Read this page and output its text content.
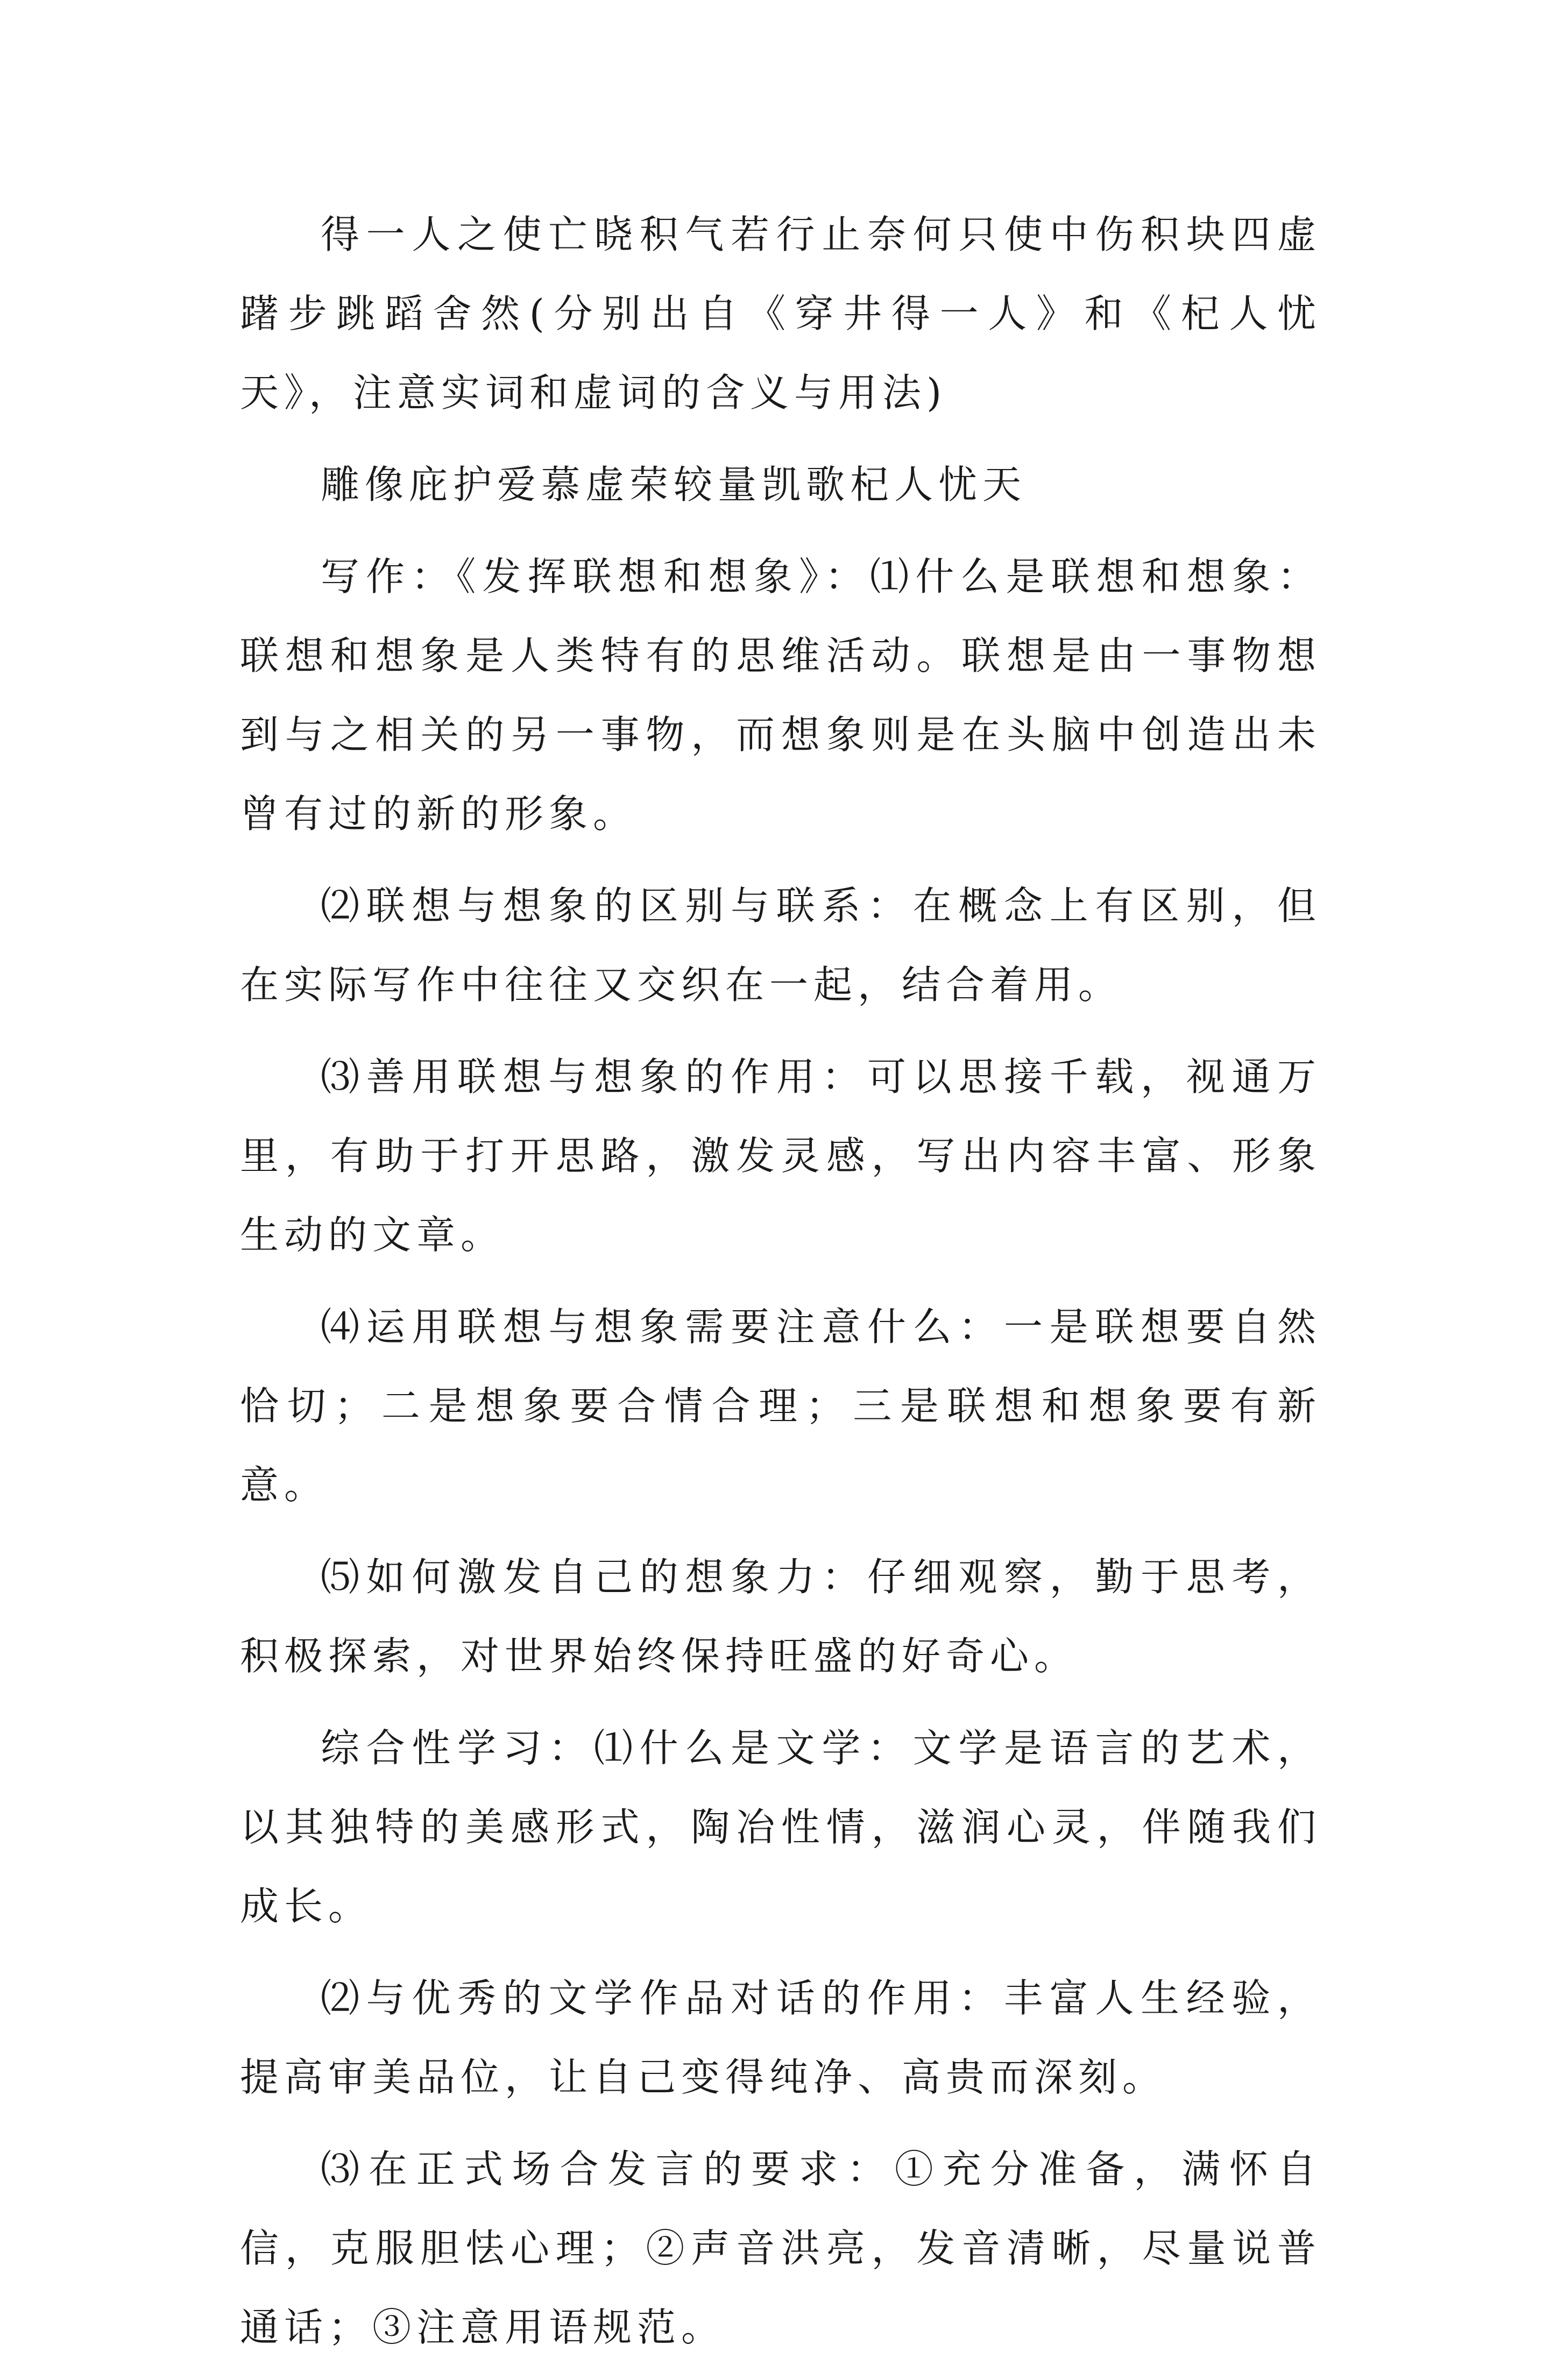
得一人之使亡晓积气若行止奈何只使中伤积块四虚躇步跳蹈舍然(分别出自《穿井得一人》和《杞人忧天》，注意实词和虚词的含义与用法)

雕像庇护爱慕虚荣较量凯歌杞人忧天

写作：《发挥联想和想象》：⑴什么是联想和想象：联想和想象是人类特有的思维活动。联想是由一事物想到与之相关的另一事物，而想象则是在头脑中创造出未曾有过的新的形象。

⑵联想与想象的区别与联系：在概念上有区别，但在实际写作中往往又交织在一起，结合着用。

⑶善用联想与想象的作用：可以思接千载，视通万里，有助于打开思路，激发灵感，写出内容丰富、形象生动的文章。

⑷运用联想与想象需要注意什么：一是联想要自然恰切；二是想象要合情合理；三是联想和想象要有新意。

⑸如何激发自己的想象力：仔细观察，勤于思考，积极探索，对世界始终保持旺盛的好奇心。

综合性学习：⑴什么是文学：文学是语言的艺术，以其独特的美感形式，陶冶性情，滋润心灵，伴随我们成长。

⑵与优秀的文学作品对话的作用：丰富人生经验，提高审美品位，让自己变得纯净、高贵而深刻。

⑶在正式场合发言的要求：①充分准备，满怀自信，克服胆怯心理；②声音洪亮，发音清晰，尽量说普通话；③注意用语规范。
